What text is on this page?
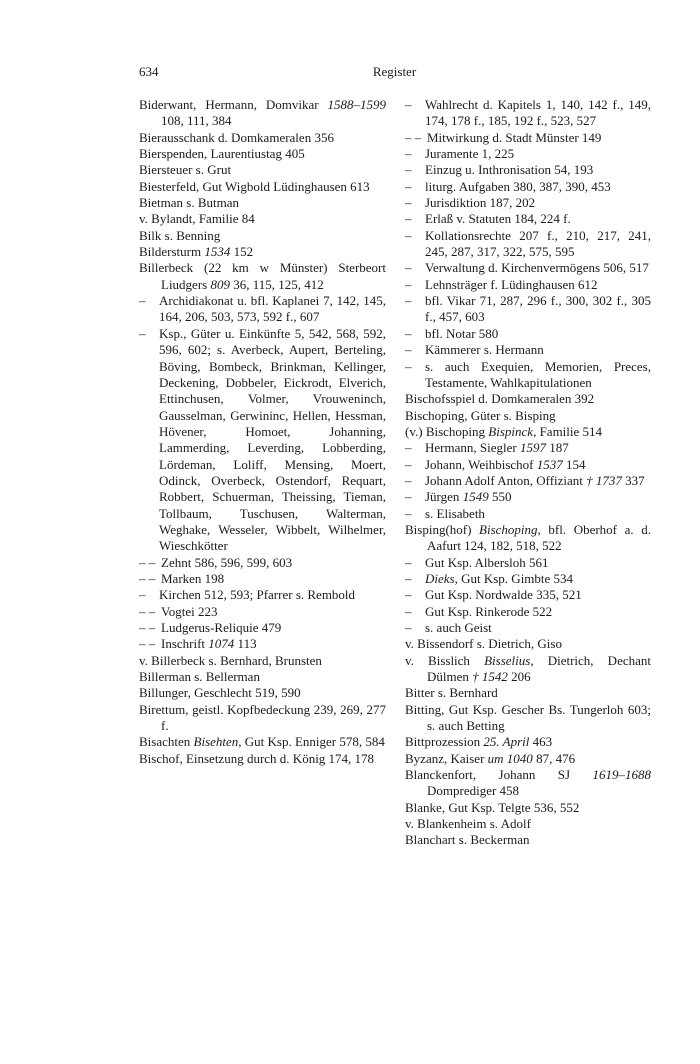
634	Register
Biderwant, Hermann, Domvikar 1588–1599 108, 111, 384
Bierausschank d. Domkameralen 356
Bierspenden, Laurentiustag 405
Biersteuer s. Grut
Biesterfeld, Gut Wigbold Lüdinghausen 613
Bietman s. Butman
v. Bylandt, Familie 84
Bilk s. Benning
Bildersturm 1534 152
Billerbeck (22 km w Münster) Sterbeort Liudgers 809 36, 115, 125, 412
– Archidiakonat u. bfl. Kaplanei 7, 142, 145, 164, 206, 503, 573, 592 f., 607
– Ksp., Güter u. Einkünfte 5, 542, 568, 592, 596, 602; s. Averbeck, Aupert, Berteling, Böving, Bombeck, Brinkman, Kellinger, Deckening, Dobbeler, Eickrodt, Elverich, Ettinchusen, Volmer, Vrouweninch, Gausselman, Gerwininc, Hellen, Hessman, Hövener, Homoet, Johanning, Lammerding, Leverding, Lobberding, Lördeman, Loliff, Mensing, Moert, Odinck, Overbeck, Ostendorf, Requart, Robbert, Schuerman, Theissing, Tieman, Tollbaum, Tuschusen, Walterman, Weghake, Wesseler, Wibbelt, Wilhelmer, Wieschkötter
– – Zehnt 586, 596, 599, 603
– – Marken 198
– Kirchen 512, 593; Pfarrer s. Rembold
– – Vogtei 223
– – Ludgerus-Reliquie 479
– – Inschrift 1074 113
v. Billerbeck s. Bernhard, Brunsten
Billerman s. Bellerman
Billunger, Geschlecht 519, 590
Birettum, geistl. Kopfbedeckung 239, 269, 277 f.
Bisachten Bisehten, Gut Ksp. Enniger 578, 584
Bischof, Einsetzung durch d. König 174, 178
– Wahlrecht d. Kapitels 1, 140, 142 f., 149, 174, 178 f., 185, 192 f., 523, 527
– – Mitwirkung d. Stadt Münster 149
– Juramente 1, 225
– Einzug u. Inthronisation 54, 193
– liturg. Aufgaben 380, 387, 390, 453
– Jurisdiktion 187, 202
– Erlaß v. Statuten 184, 224 f.
– Kollationsrechte 207 f., 210, 217, 241, 245, 287, 317, 322, 575, 595
– Verwaltung d. Kirchenvermögens 506, 517
– Lehnsträger f. Lüdinghausen 612
– bfl. Vikar 71, 287, 296 f., 300, 302 f., 305 f., 457, 603
– bfl. Notar 580
– Kämmerer s. Hermann
– s. auch Exequien, Memorien, Preces, Testamente, Wahlkapitulationen
Bischofsspiel d. Domkameralen 392
Bischoping, Güter s. Bisping
(v.) Bischoping Bispinck, Familie 514
– Hermann, Siegler 1597 187
– Johann, Weihbischof 1537 154
– Johann Adolf Anton, Offiziant † 1737 337
– Jürgen 1549 550
– s. Elisabeth
Bisping(hof) Bischoping, bfl. Oberhof a. d. Aafurt 124, 182, 518, 522
– Gut Ksp. Albersloh 561
– Dieks, Gut Ksp. Gimbte 534
– Gut Ksp. Nordwalde 335, 521
– Gut Ksp. Rinkerode 522
– s. auch Geist
v. Bissendorf s. Dietrich, Giso
v. Bisslich Bisselius, Dietrich, Dechant Dülmen † 1542 206
Bitter s. Bernhard
Bitting, Gut Ksp. Gescher Bs. Tungerloh 603; s. auch Betting
Bittprozession 25. April 463
Byzanz, Kaiser um 1040 87, 476
Blanckenfort, Johann SJ 1619–1688 Domprediger 458
Blanke, Gut Ksp. Telgte 536, 552
v. Blankenheim s. Adolf
Blanchart s. Beckerman
